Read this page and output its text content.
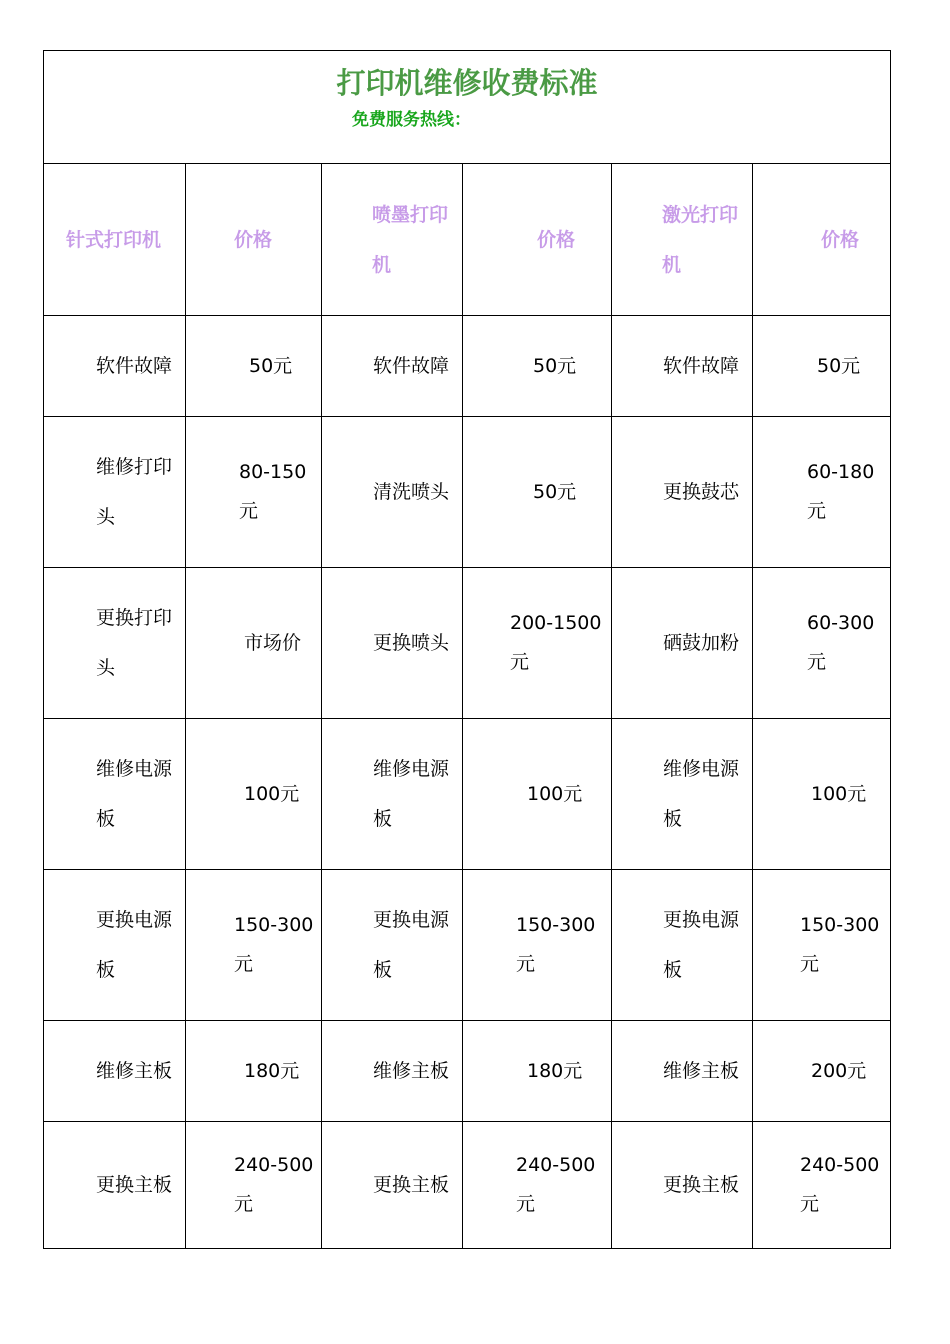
打印机维修收费标准
免费服务热线：					

针式打印机	价格	喷墨打印机	价格	激光打印机	价格
软件故障	50元	软件故障	50元	软件故障	50元

维修打印头	80-150元	清洗喷头	50元	更换鼓芯	60-180元

更换打印头	市场价	更换喷头	200-1500元	硒鼓加粉	60-300元

维修电源板	100元	维修电源板	100元	维修电源板	100元

更换电源板	150-300元	更换电源板	150-300元	更换电源板	150-300元

维修主板	180元	维修主板	180元	维修主板	200元
更换主板	240-500元	更换主板	240-500元	更换主板	240-500元
